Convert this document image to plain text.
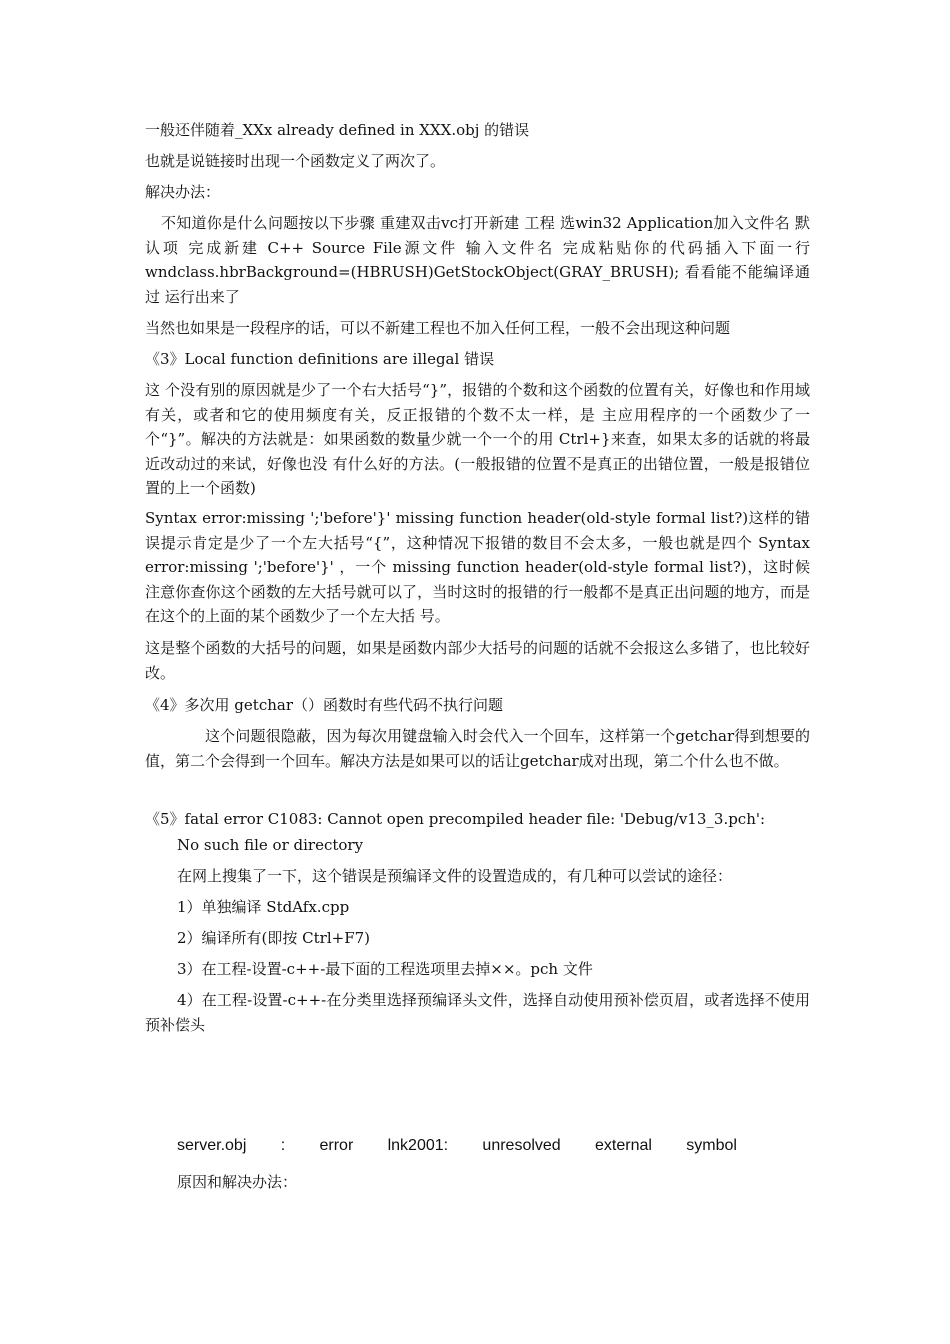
一般还伴随着_XXx already defined in XXX.obj 的错误

也就是说链接时出现一个函数定义了两次了。

解决办法：

不知道你是什么问题按以下步骤 重建双击vc打开新建 工程 选win32 Application加入文件名 默认项 完成新建 C++ Source File源文件 输入文件名 完成粘贴你的代码插入下面一行 wndclass.hbrBackground=(HBRUSH)GetStockObject(GRAY_BRUSH); 看看能不能编译通过 运行出来了

当然也如果是一段程序的话，可以不新建工程也不加入任何工程，一般不会出现这种问题

《3》Local function definitions are illegal 错误

这 个没有别的原因就是少了一个右大括号“}”，报错的个数和这个函数的位置有关，好像也和作用域有关，或者和它的使用频度有关，反正报错的个数不太一样，是 主应用程序的一个函数少了一个“}”。解决的方法就是：如果函数的数量少就一个一个的用 Ctrl+}来查，如果太多的话就的将最近改动过的来试，好像也没 有什么好的方法。(一般报错的位置不是真正的出错位置，一般是报错位置的上一个函数)

Syntax error:missing ';'before'}' missing function header(old-style formal list?)这样的错误提示肯定是少了一个左大括号“{”，这种情况下报错的数目不会太多，一般也就是四个 Syntax error:missing ';'before'}' ，一个 missing function header(old-style formal list?)，这时候注意你查你这个函数的左大括号就可以了，当时这时的报错的行一般都不是真正出问题的地方，而是在这个的上面的某个函数少了一个左大括 号。

这是整个函数的大括号的问题，如果是函数内部少大括号的问题的话就不会报这么多错了，也比较好改。

《4》多次用 getchar（）函数时有些代码不执行问题

这个问题很隐蔽，因为每次用键盘输入时会代入一个回车，这样第一个getchar得到想要的值，第二个会得到一个回车。解决方法是如果可以的话让getchar成对出现，第二个什么也不做。

《5》fatal error C1083: Cannot open precompiled header file: 'Debug/v13_3.pch':

No such file or directory

在网上搜集了一下，这个错误是预编译文件的设置造成的，有几种可以尝试的途径：

1）单独编译 StdAfx.cpp

2）编译所有(即按 Ctrl+F7)

3）在工程-设置-c++-最下面的工程选项里去掉××。pch 文件

4）在工程-设置-c++-在分类里选择预编译头文件，选择自动使用预补偿页眉，或者选择不使用预补偿头

server.obj : error lnk2001: unresolved external symbol

原因和解决办法：
